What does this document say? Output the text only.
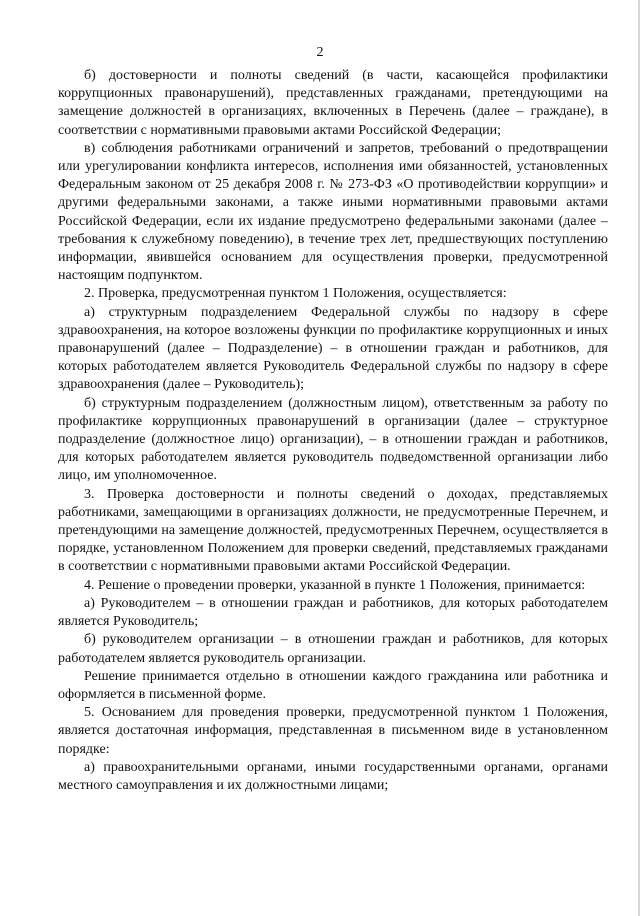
2

б) достоверности и полноты сведений (в части, касающейся профилактики коррупционных правонарушений), представленных гражданами, претендующими на замещение должностей в организациях, включенных в Перечень (далее – граждане), в соответствии с нормативными правовыми актами Российской Федерации;

в) соблюдения работниками ограничений и запретов, требований о предотвращении или урегулировании конфликта интересов, исполнения ими обязанностей, установленных Федеральным законом от 25 декабря 2008 г. № 273-ФЗ «О противодействии коррупции» и другими федеральными законами, а также иными нормативными правовыми актами Российской Федерации, если их издание предусмотрено федеральными законами (далее – требования к служебному поведению), в течение трех лет, предшествующих поступлению информации, явившейся основанием для осуществления проверки, предусмотренной настоящим подпунктом.

2. Проверка, предусмотренная пунктом 1 Положения, осуществляется:

а) структурным подразделением Федеральной службы по надзору в сфере здравоохранения, на которое возложены функции по профилактике коррупционных и иных правонарушений (далее – Подразделение) – в отношении граждан и работников, для которых работодателем является Руководитель Федеральной службы по надзору в сфере здравоохранения (далее – Руководитель);

б) структурным подразделением (должностным лицом), ответственным за работу по профилактике коррупционных правонарушений в организации (далее – структурное подразделение (должностное лицо) организации), – в отношении граждан и работников, для которых работодателем является руководитель подведомственной организации либо лицо, им уполномоченное.

3. Проверка достоверности и полноты сведений о доходах, представляемых работниками, замещающими в организациях должности, не предусмотренные Перечнем, и претендующими на замещение должностей, предусмотренных Перечнем, осуществляется в порядке, установленном Положением для проверки сведений, представляемых гражданами в соответствии с нормативными правовыми актами Российской Федерации.

4. Решение о проведении проверки, указанной в пункте 1 Положения, принимается:

а) Руководителем – в отношении граждан и работников, для которых работодателем является Руководитель;

б) руководителем организации – в отношении граждан и работников, для которых работодателем является руководитель организации.

Решение принимается отдельно в отношении каждого гражданина или работника и оформляется в письменной форме.

5. Основанием для проведения проверки, предусмотренной пунктом 1 Положения, является достаточная информация, представленная в письменном виде в установленном порядке:

а) правоохранительными органами, иными государственными органами, органами местного самоуправления и их должностными лицами;
